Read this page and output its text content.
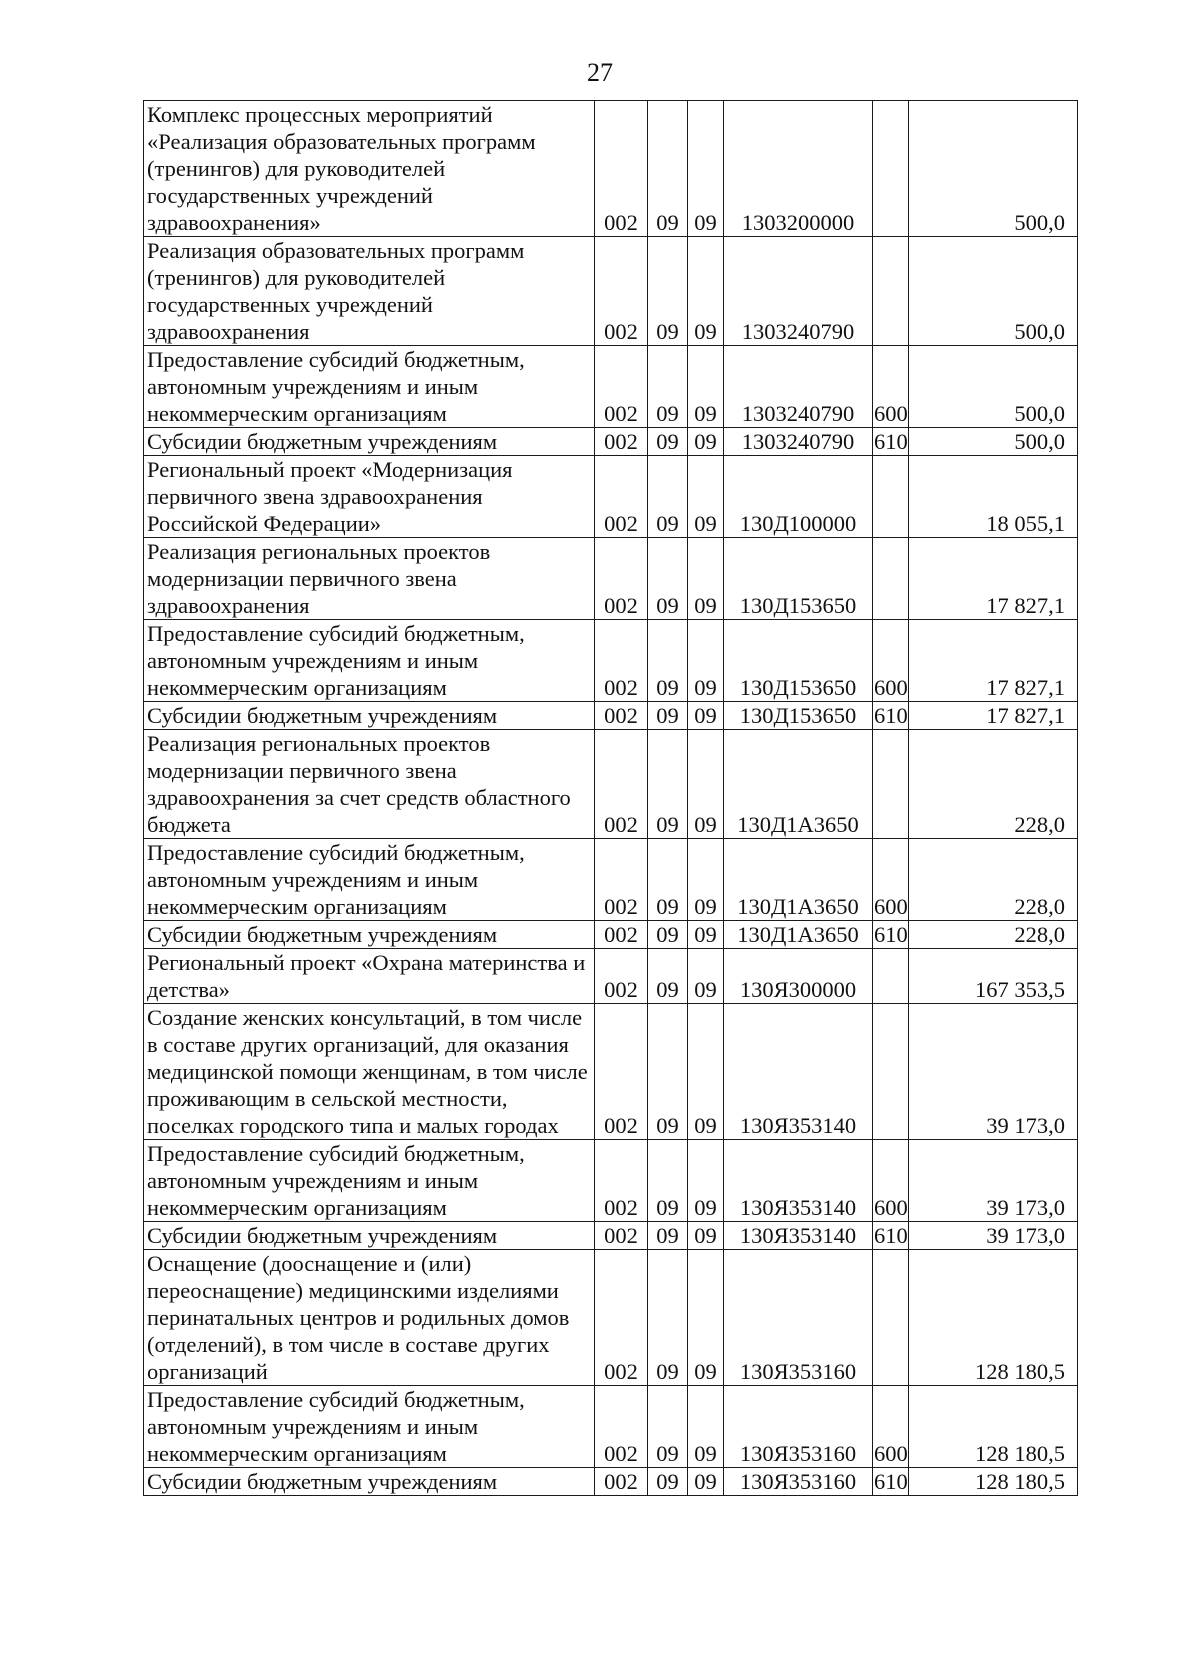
27
Комплекс процессных мероприятий «Реализация образовательных программ (тренингов) для руководителей государственных учреждений здравоохранения»	002	09	09	1303200000		500,0
Реализация образовательных программ (тренингов) для руководителей государственных учреждений здравоохранения	002	09	09	1303240790		500,0
Предоставление субсидий бюджетным, автономным учреждениям и иным некоммерческим организациям	002	09	09	1303240790	600	500,0
Субсидии бюджетным учреждениям	002	09	09	1303240790	610	500,0
Региональный проект «Модернизация первичного звена здравоохранения Российской Федерации»	002	09	09	130Д100000		18 055,1
Реализация региональных проектов модернизации первичного звена здравоохранения	002	09	09	130Д153650		17 827,1
Предоставление субсидий бюджетным, автономным учреждениям и иным некоммерческим организациям	002	09	09	130Д153650	600	17 827,1
Субсидии бюджетным учреждениям	002	09	09	130Д153650	610	17 827,1
Реализация региональных проектов модернизации первичного звена здравоохранения за счет средств областного бюджета	002	09	09	130Д1А3650		228,0
Предоставление субсидий бюджетным, автономным учреждениям и иным некоммерческим организациям	002	09	09	130Д1А3650	600	228,0
Субсидии бюджетным учреждениям	002	09	09	130Д1А3650	610	228,0
Региональный проект «Охрана материнства и детства»	002	09	09	130Я300000		167 353,5
Создание женских консультаций, в том числе в составе других организаций, для оказания медицинской помощи женщинам, в том числе проживающим в сельской местности, поселках городского типа и малых городах	002	09	09	130Я353140		39 173,0
Предоставление субсидий бюджетным, автономным учреждениям и иным некоммерческим организациям	002	09	09	130Я353140	600	39 173,0
Субсидии бюджетным учреждениям	002	09	09	130Я353140	610	39 173,0
Оснащение (дооснащение и (или) переоснащение) медицинскими изделиями перинатальных центров и родильных домов (отделений), в том числе в составе других организаций	002	09	09	130Я353160		128 180,5
Предоставление субсидий бюджетным, автономным учреждениям и иным некоммерческим организациям	002	09	09	130Я353160	600	128 180,5
Субсидии бюджетным учреждениям	002	09	09	130Я353160	610	128 180,5
